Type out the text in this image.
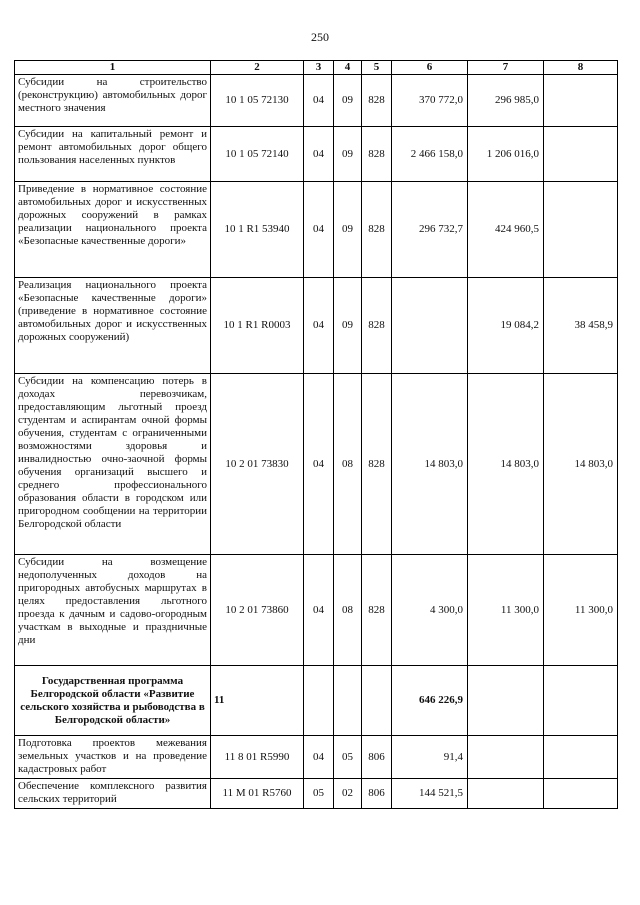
250
1	2	3	4	5	6	7	8
Субсидии на строительство (реконструкцию) автомобильных дорог местного значения	10 1 05 72130	04	09	828	370 772,0	296 985,0	
Субсидии на капитальный ремонт и ремонт автомобильных дорог общего пользования населенных пунктов	10 1 05 72140	04	09	828	2 466 158,0	1 206 016,0	
Приведение в нормативное состояние автомобильных дорог и искусственных дорожных сооружений в рамках реализации национального проекта «Безопасные качественные дороги»	10 1 R1 53940	04	09	828	296 732,7	424 960,5	
Реализация национального проекта «Безопасные качественные дороги» (приведение в нормативное состояние автомобильных дорог и искусственных дорожных сооружений)	10 1 R1 R0003	04	09	828		19 084,2	38 458,9
Субсидии на компенсацию потерь в доходах перевозчикам, предоставляющим льготный проезд студентам и аспирантам очной формы обучения, студентам с ограниченными возможностями здоровья и инвалидностью очно-заочной формы обучения организаций высшего и среднего профессионального образования области в городском или пригородном сообщении на территории Белгородской области	10 2 01 73830	04	08	828	14 803,0	14 803,0	14 803,0
Субсидии на возмещение недополученных доходов на пригородных автобусных маршрутах в целях предоставления льготного проезда к дачным и садово-огородным участкам в выходные и праздничные дни	10 2 01 73860	04	08	828	4 300,0	11 300,0	11 300,0
Государственная программа Белгородской области «Развитие сельского хозяйства и рыбоводства в Белгородской области»	11				646 226,9		
Подготовка проектов межевания земельных участков и на проведение кадастровых работ	11 8 01 R5990	04	05	806	91,4		
Обеспечение комплексного развития сельских территорий	11 М 01 R5760	05	02	806	144 521,5		
